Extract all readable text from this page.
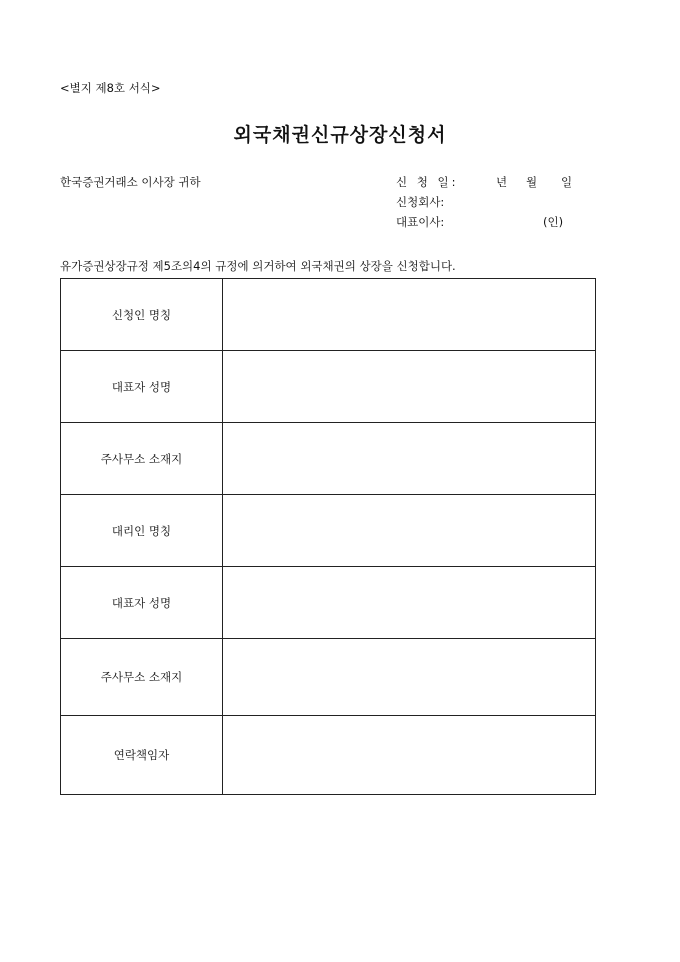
<별지 제8호 서식>
외국채권신규상장신청서
한국증권거래소 이사장 귀하	신 청 일:	년 월 일
신청회사:
대표이사:	(인)
유가증권상장규정 제5조의4의 규정에 의거하여 외국채권의 상장을 신청합니다.
신청인 명칭	
대표자 성명	
주사무소 소재지	
대리인 명칭	
대표자 성명	
주사무소 소재지	
연락책임자	
